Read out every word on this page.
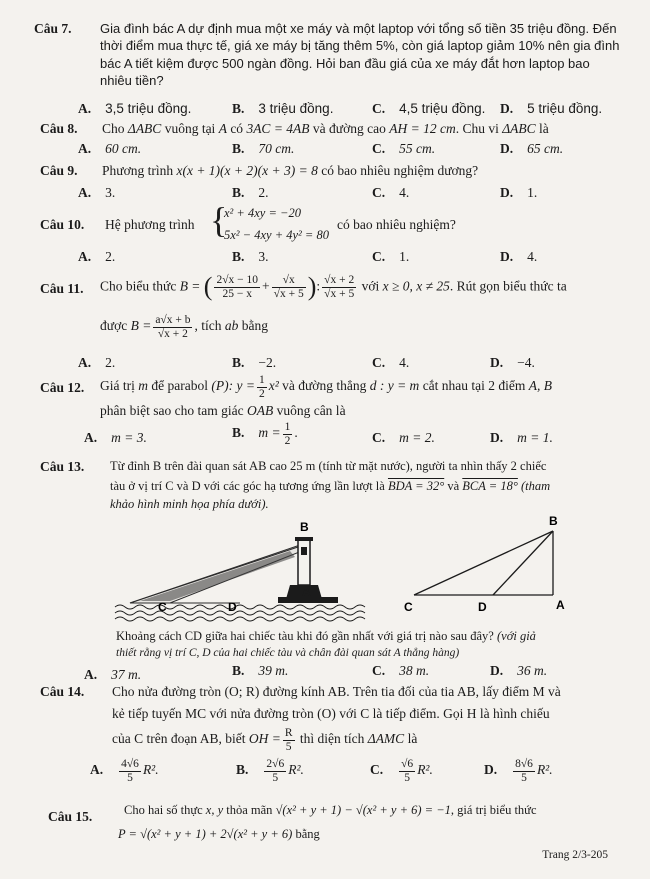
Câu 7. Gia đình bác A dự định mua một xe máy và một laptop với tổng số tiền 35 triệu đồng. Đến thời điểm mua thực tế, giá xe máy bị tăng thêm 5%, còn giá laptop giảm 10% nên gia đình bác A tiết kiệm được 500 ngàn đồng. Hỏi ban đầu giá của xe máy đắt hơn laptop bao nhiêu tiền?
A. 3,5 triệu đồng.	B. 3 triệu đồng.	C. 4,5 triệu đồng. D. 5 triệu đồng.
Câu 8. Cho ΔABC vuông tại A có 3AC = 4AB và đường cao AH = 12 cm. Chu vi ΔABC là
A. 60 cm.	B. 70 cm.	C. 55 cm.	D. 65 cm.
Câu 9. Phương trình x(x + 1)(x + 2)(x + 3) = 8 có bao nhiêu nghiệm dương?
A. 3.	B. 2.	C. 4.	D. 1.
Câu 10. Hệ phương trình {
x² + 4xy = −20
5x² − 4xy + 4y² = 80
có bao nhiêu nghiệm?
A. 2.	B. 3.	C. 1.	D. 4.
Câu 11. Cho biểu thức B = ( $\frac{2√x - 10}{25 - x} + \frac{√x}{√x + 5}$ ): $\frac{√x + 2}{√x + 5}$ với x ≥ 0, x ≠ 25. Rút gọn biểu thức ta
được $B = \frac{a√x + b}{√x + 2}$ , tích ab bằng
A. 2.	B. −2.	C. 4.	D. −4.
Câu 12. Giá trị m để parabol (P): $y = \frac{1}{2} x^2$ và đường thẳng d : y = m cắt nhau tại 2 điểm A, B
phân biệt sao cho tam giác OAB vuông cân là
A. m = 3.	B. $m = \frac{1}{2}$ .	C. m = 2.	D. m = 1.
Câu 13. Từ đỉnh B trên đài quan sát AB cao 25 m (tính từ mặt nước), người ta nhìn thấy 2 chiếc
tàu ở vị trí C và D với các góc hạ tương ứng lần lượt là BDA = 32° và BCA = 18° (tham
khảo hình minh họa phía dưới).
B
A
C	D
B
C	D	A
Khoảng cách CD giữa hai chiếc tàu khi đó gần nhất với giá trị nào sau đây? (với giả
thiết rằng vị trí C, D của hai chiếc tàu và chân đài quan sát A thẳng hàng)
A. 37 m.	B. 39 m.	C. 38 m.	D. 36 m.
Câu 14. Cho nửa đường tròn (O; R) đường kính AB. Trên tia đối của tia AB, lấy điểm M và
kẻ tiếp tuyến MC với nửa đường tròn (O) với C là tiếp điểm. Gọi H là hình chiếu
của C trên đoạn AB, biết OH = $\frac{R}{5}$ thì diện tích ΔAMC là
A. $\frac{4√6}{5} R^2$.	B. $\frac{2√6}{5} R^2$.	C. $\frac{√6}{5} R^2$.	D. $\frac{8√6}{5} R^2$.
Câu 15.	Cho hai số thực x, y thỏa mãn √(x² + y + 1) − √(x² + y + 6) = −1, giá trị biểu thức
P = √(x² + y + 1) + 2√(x² + y + 6) bằng
Trang 2/3-205
